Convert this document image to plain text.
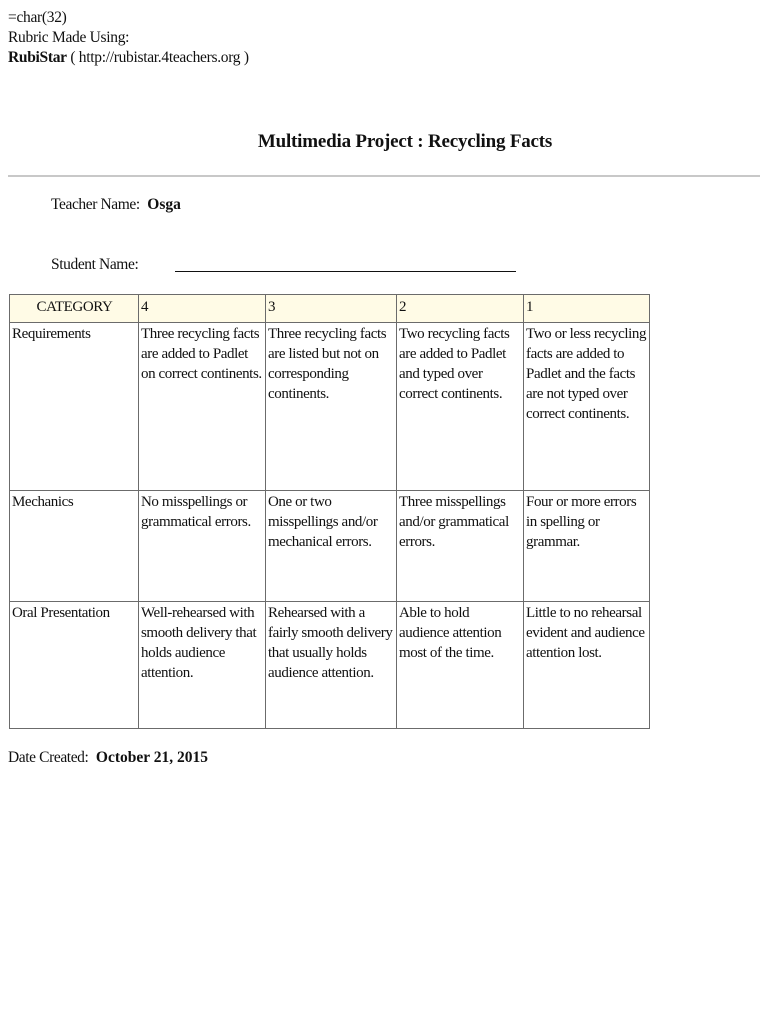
=char(32)
Rubric Made Using:
RubiStar ( http://rubistar.4teachers.org )
Multimedia Project : Recycling Facts
Teacher Name: Osga
Student Name:
CATEGORY	4	3	2	1
Requirements	Three recycling facts are added to Padlet on correct continents.	Three recycling facts are listed but not on corresponding continents.	Two recycling facts are added to Padlet and typed over correct continents.	Two or less recycling facts are added to Padlet and the facts are not typed over correct continents.
Mechanics	No misspellings or grammatical errors.	One or two misspellings and/or mechanical errors.	Three misspellings and/or grammatical errors.	Four or more errors in spelling or grammar.
Oral Presentation	Well-rehearsed with smooth delivery that holds audience attention.	Rehearsed with a fairly smooth delivery that usually holds audience attention.	Able to hold audience attention most of the time.	Little to no rehearsal evident and audience attention lost.
Date Created: October 21, 2015
